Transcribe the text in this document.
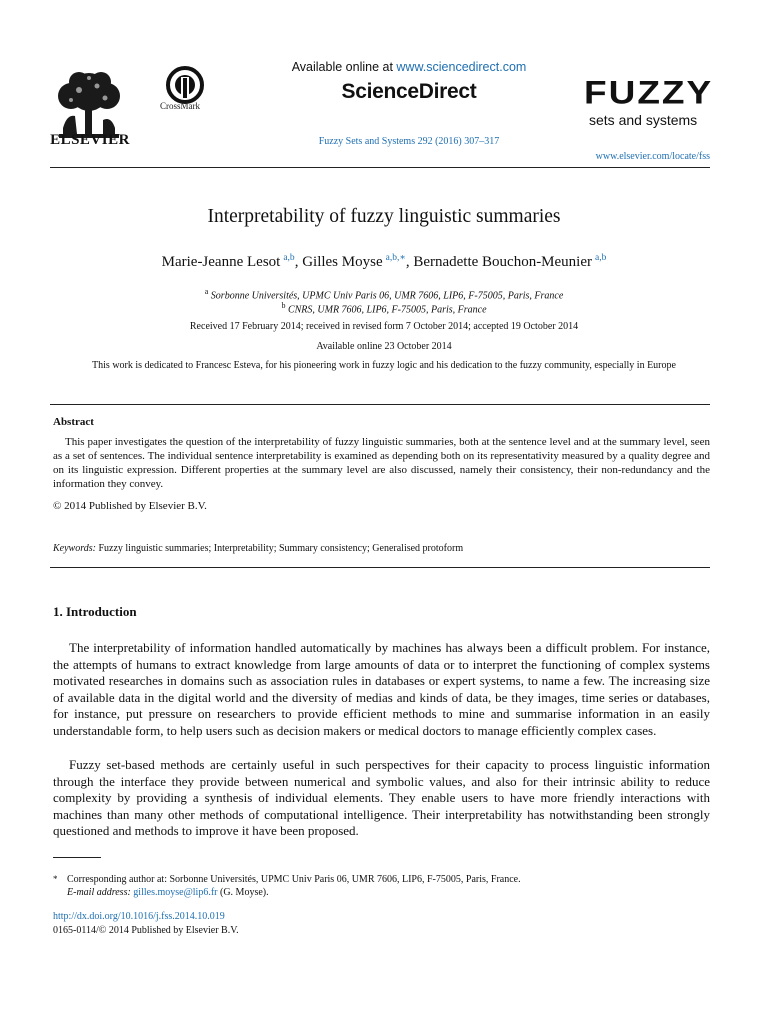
ELSEVIER
CrossMark
Available online at www.sciencedirect.com
ScienceDirect
Fuzzy Sets and Systems 292 (2016) 307–317
FUZZY
sets and systems
www.elsevier.com/locate/fss
Interpretability of fuzzy linguistic summaries
Marie-Jeanne Lesot  $^{a,b}$, Gilles Moyse  $^{a,b,∗}$, Bernadette Bouchon-Meunier  $^{a,b}$
$^a$ Sorbonne Universités, UPMC Univ Paris 06, UMR 7606, LIP6, F-75005, Paris, France
$^b$ CNRS, UMR 7606, LIP6, F-75005, Paris, France
Received 17 February 2014; received in revised form 7 October 2014; accepted 19 October 2014
Available online 23 October 2014
This work is dedicated to Francesc Esteva, for his pioneering work in fuzzy logic and his dedication to the fuzzy community, especially in Europe
Abstract
This paper investigates the question of the interpretability of fuzzy linguistic summaries, both at the sentence level and at the summary level, seen as a set of sentences. The individual sentence interpretability is examined as depending both on its representativity measured by a quality degree and on its linguistic expression. Different properties at the summary level are also discussed, namely their consistency, their non-redundancy and the information they convey.
© 2014 Published by Elsevier B.V.
Keywords: Fuzzy linguistic summaries; Interpretability; Summary consistency; Generalised protoform
1. Introduction

The interpretability of information handled automatically by machines has always been a difficult problem. For instance, the attempts of humans to extract knowledge from large amounts of data or to interpret the functioning of complex systems motivated researches in domains such as association rules in databases or expert systems, to name a few. The increasing size of available data in the digital world and the diversity of medias and kinds of data, be they images, time series or databases, for instance, put pressure on researchers to provide efficient methods to mine and summarise information in an easily understandable form, to help users such as decision makers or medical doctors to manage efficiently complex cases.

Fuzzy set-based methods are certainly useful in such perspectives for their capacity to process linguistic information through the interface they provide between numerical and symbolic values, and also for their intrinsic ability to reduce complexity by providing a synthesis of individual elements. They enable users to have more friendly interactions with machines than many other methods of computational intelligence. Their interpretability has notwithstanding been strongly questioned and methods to improve it have been proposed.

* Corresponding author at: Sorbonne Universités, UPMC Univ Paris 06, UMR 7606, LIP6, F-75005, Paris, France.
E-mail address: gilles.moyse@lip6.fr (G. Moyse).
http://dx.doi.org/10.1016/j.fss.2014.10.019
0165-0114/© 2014 Published by Elsevier B.V.
